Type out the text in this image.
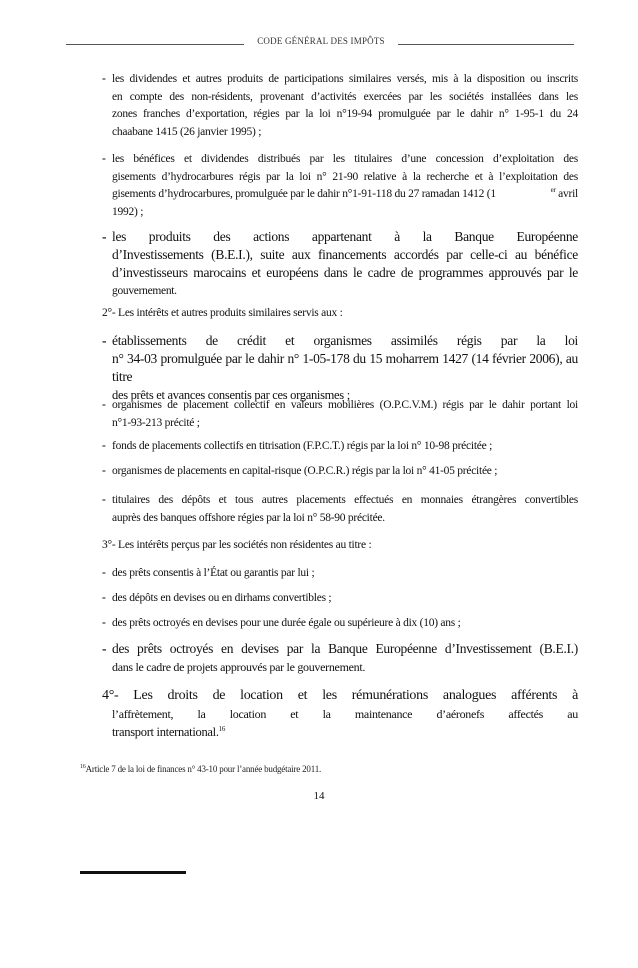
CODE GÉNÉRAL DES IMPÔTS
- les dividendes et autres produits de participations similaires versés, mis à la disposition ou inscrits
en compte des non-résidents, provenant d’activités exercées par les sociétés installées dans les
zones franches d’exportation, régies par la loi n°19-94 promulguée par le dahir n° 1-95-1 du 24
chaabane 1415 (26 janvier 1995) ;
- les bénéfices et dividendes distribués par les titulaires d’une concession d’exploitation des
gisements d’hydrocarbures régis par la loi n° 21-90 relative à la recherche et à l’exploitation des
gisements d’hydrocarbures, promulguée par le dahir n°1-91-118 du 27 ramadan 1412 (1	$^{er}$ avril
1992) ;
- les produits des actions appartenant à la Banque Européenne
d’Investissements (B.E.I.), suite aux financements accordés par celle-ci au bénéfice
d’investisseurs marocains et européens dans le cadre de programmes approuvés par le
gouvernement.
2°- Les intérêts et autres produits similaires servis aux :
- établissements de crédit et organismes assimilés régis par la loi
n° 34-03 promulguée par le dahir n° 1-05-178 du 15 moharrem 1427 (14 février 2006), au titre
des prêts et avances consentis par ces organismes ;
- organismes de placement collectif en valeurs mobilières (O.P.C.V.M.) régis par le dahir portant loi
n°1-93-213 précité ;
- fonds de placements collectifs en titrisation (F.P.C.T.) régis par la loi n° 10-98 précitée ;
- organismes de placements en capital-risque (O.P.C.R.) régis par la loi n° 41-05 précitée ;
- titulaires des dépôts et tous autres placements effectués en monnaies étrangères convertibles
auprès des banques offshore régies par la loi n° 58-90 précitée.
3°- Les intérêts perçus par les sociétés non résidentes au titre :
- des prêts consentis à l’État ou garantis par lui ;
- des dépôts en devises ou en dirhams convertibles ;
- des prêts octroyés en devises pour une durée égale ou supérieure à dix (10) ans ;
- des prêts octroyés en devises par la Banque Européenne d’Investissement (B.E.I.)
dans le cadre de projets approuvés par le gouvernement.
4°- Les droits de location et les rémunérations analogues afférents à
l’affrètement, la location et la maintenance d’aéronefs affectés au
transport international.$^{16}$
$^{16}$Article 7 de la loi de finances n° 43-10 pour l’année budgétaire 2011.
14
